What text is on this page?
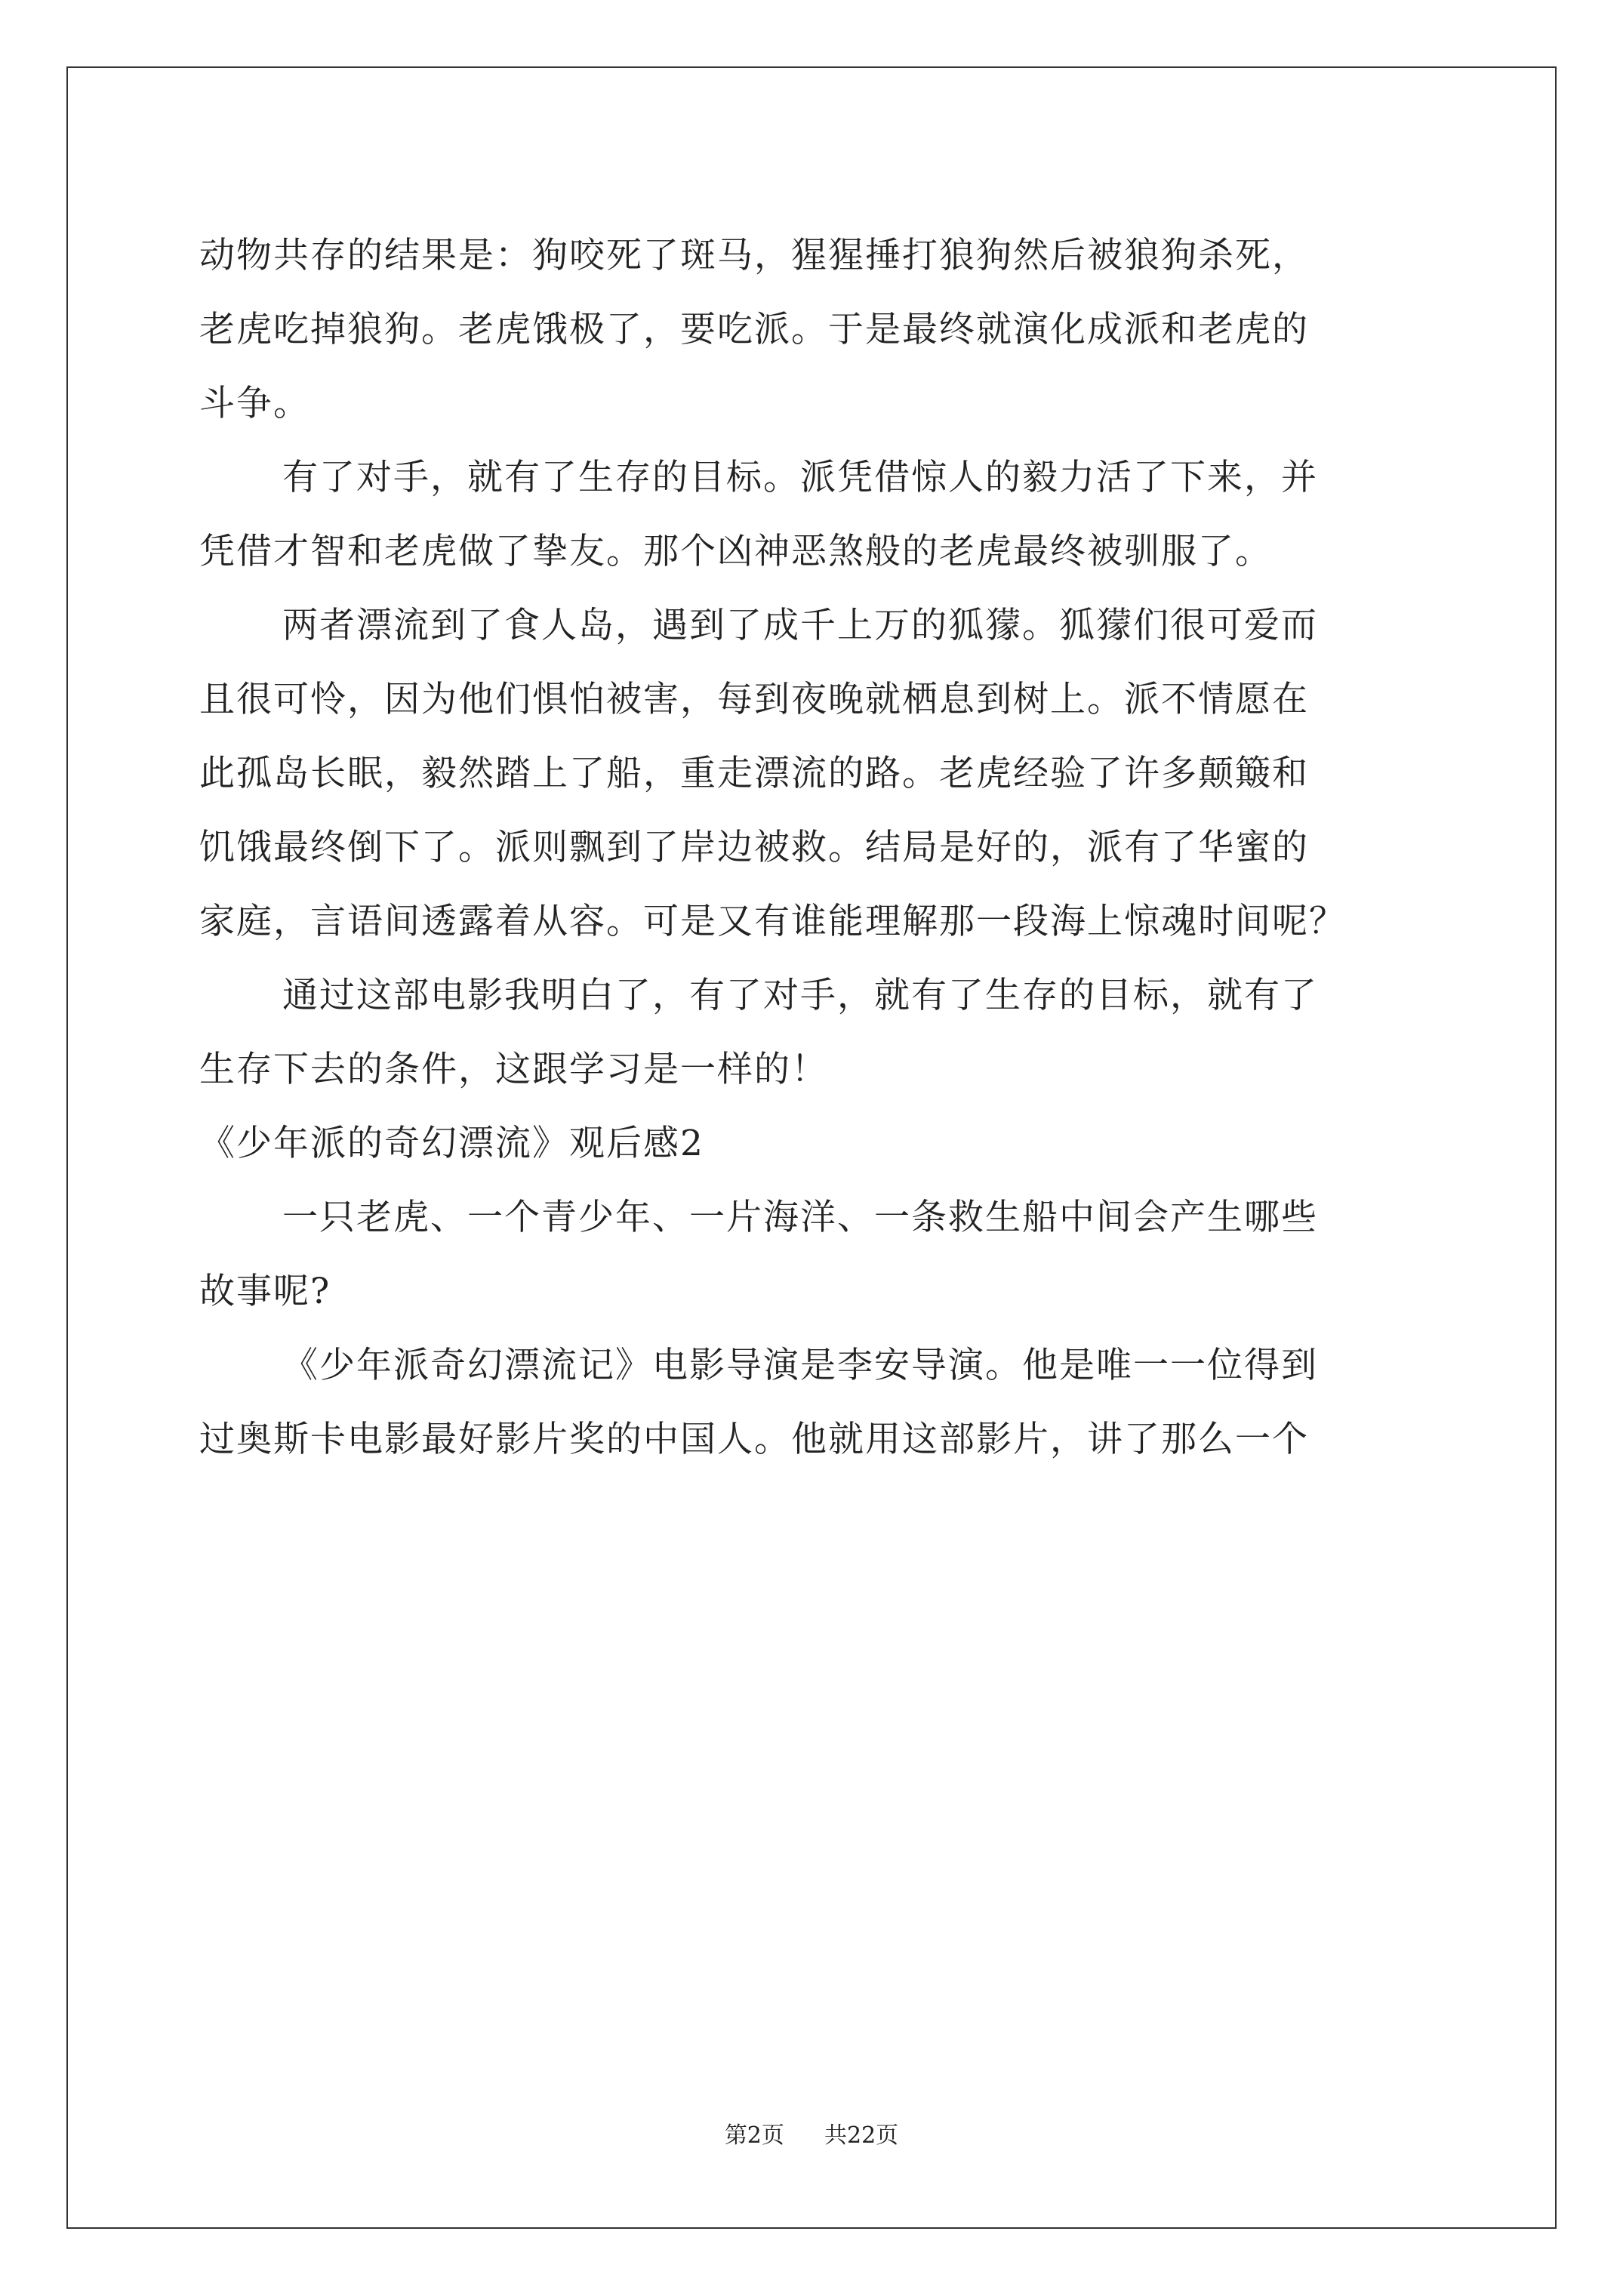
动物共存的结果是：狗咬死了斑马，猩猩捶打狼狗然后被狼狗杀死，
老虎吃掉狼狗。老虎饿极了，要吃派。于是最终就演化成派和老虎的
斗争。
有了对手，就有了生存的目标。派凭借惊人的毅力活了下来，并
凭借才智和老虎做了挚友。那个凶神恶煞般的老虎最终被驯服了。
两者漂流到了食人岛，遇到了成千上万的狐獴。狐獴们很可爱而
且很可怜，因为他们惧怕被害，每到夜晚就栖息到树上。派不情愿在
此孤岛长眠，毅然踏上了船，重走漂流的路。老虎经验了许多颠簸和
饥饿最终倒下了。派则飘到了岸边被救。结局是好的，派有了华蜜的
家庭，言语间透露着从容。可是又有谁能理解那一段海上惊魂时间呢？
通过这部电影我明白了，有了对手，就有了生存的目标，就有了
生存下去的条件，这跟学习是一样的！
《少年派的奇幻漂流》观后感2
一只老虎、一个青少年、一片海洋、一条救生船中间会产生哪些
故事呢?
《少年派奇幻漂流记》电影导演是李安导演。他是唯一一位得到
过奥斯卡电影最好影片奖的中国人。他就用这部影片，讲了那么一个
第2页 共22页
